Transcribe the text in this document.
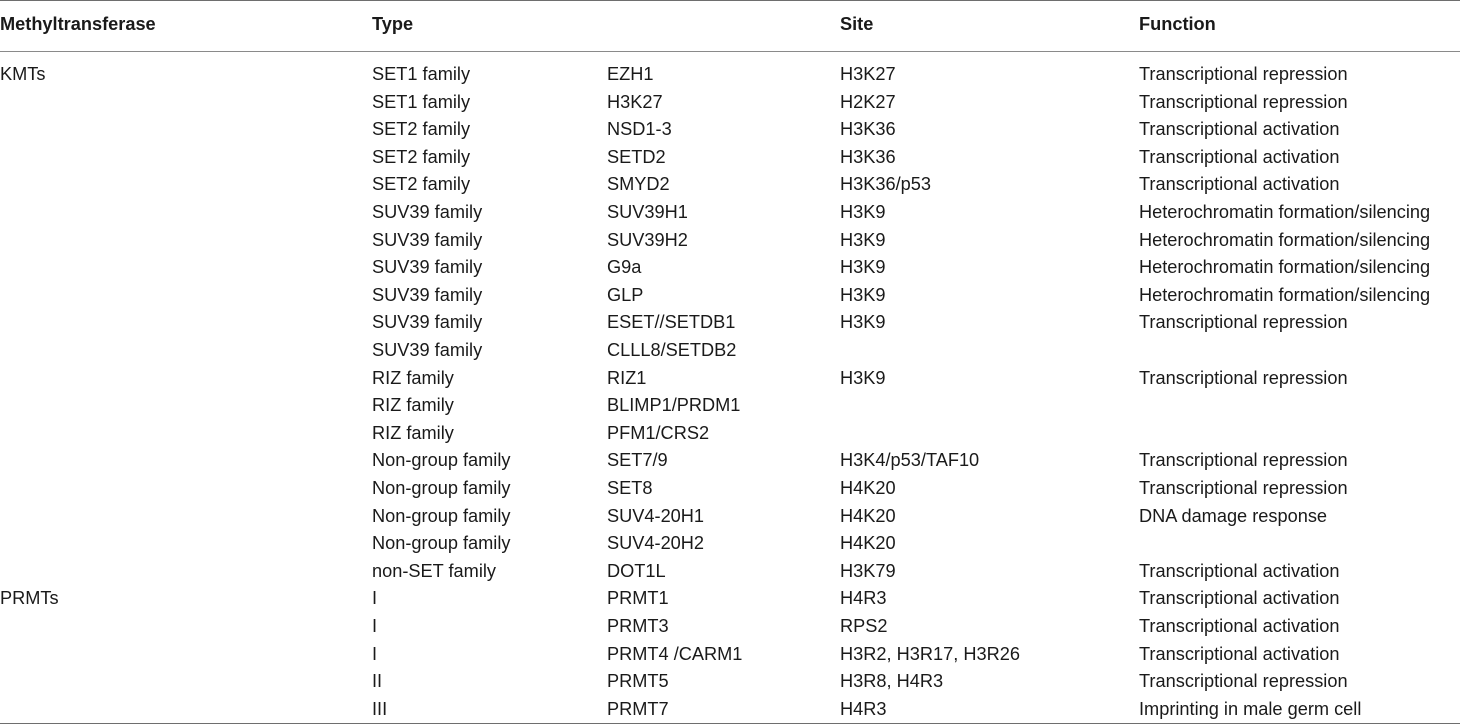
Methyltransferase	Type	Site	Function
KMTs	SET1 family	EZH1	H3K27	Transcriptional repression
SET1 family	H3K27	H2K27	Transcriptional repression
SET2 family	NSD1-3	H3K36	Transcriptional activation
SET2 family	SETD2	H3K36	Transcriptional activation
SET2 family	SMYD2	H3K36/p53	Transcriptional activation
SUV39 family	SUV39H1	H3K9	Heterochromatin formation/silencing
SUV39 family	SUV39H2	H3K9	Heterochromatin formation/silencing
SUV39 family	G9a	H3K9	Heterochromatin formation/silencing
SUV39 family	GLP	H3K9	Heterochromatin formation/silencing
SUV39 family	ESET//SETDB1	H3K9	Transcriptional repression
SUV39 family	CLLL8/SETDB2
RIZ family	RIZ1	H3K9	Transcriptional repression
RIZ family	BLIMP1/PRDM1
RIZ family	PFM1/CRS2
Non-group family	SET7/9	H3K4/p53/TAF10	Transcriptional repression
Non-group family	SET8	H4K20	Transcriptional repression
Non-group family	SUV4-20H1	H4K20	DNA damage response
Non-group family	SUV4-20H2	H4K20
non-SET family	DOT1L	H3K79	Transcriptional activation
PRMTs	I	PRMT1	H4R3	Transcriptional activation
I	PRMT3	RPS2	Transcriptional activation
I	PRMT4 /CARM1	H3R2, H3R17, H3R26	Transcriptional activation
II	PRMT5	H3R8, H4R3	Transcriptional repression
III	PRMT7	H4R3	Imprinting in male germ cell
